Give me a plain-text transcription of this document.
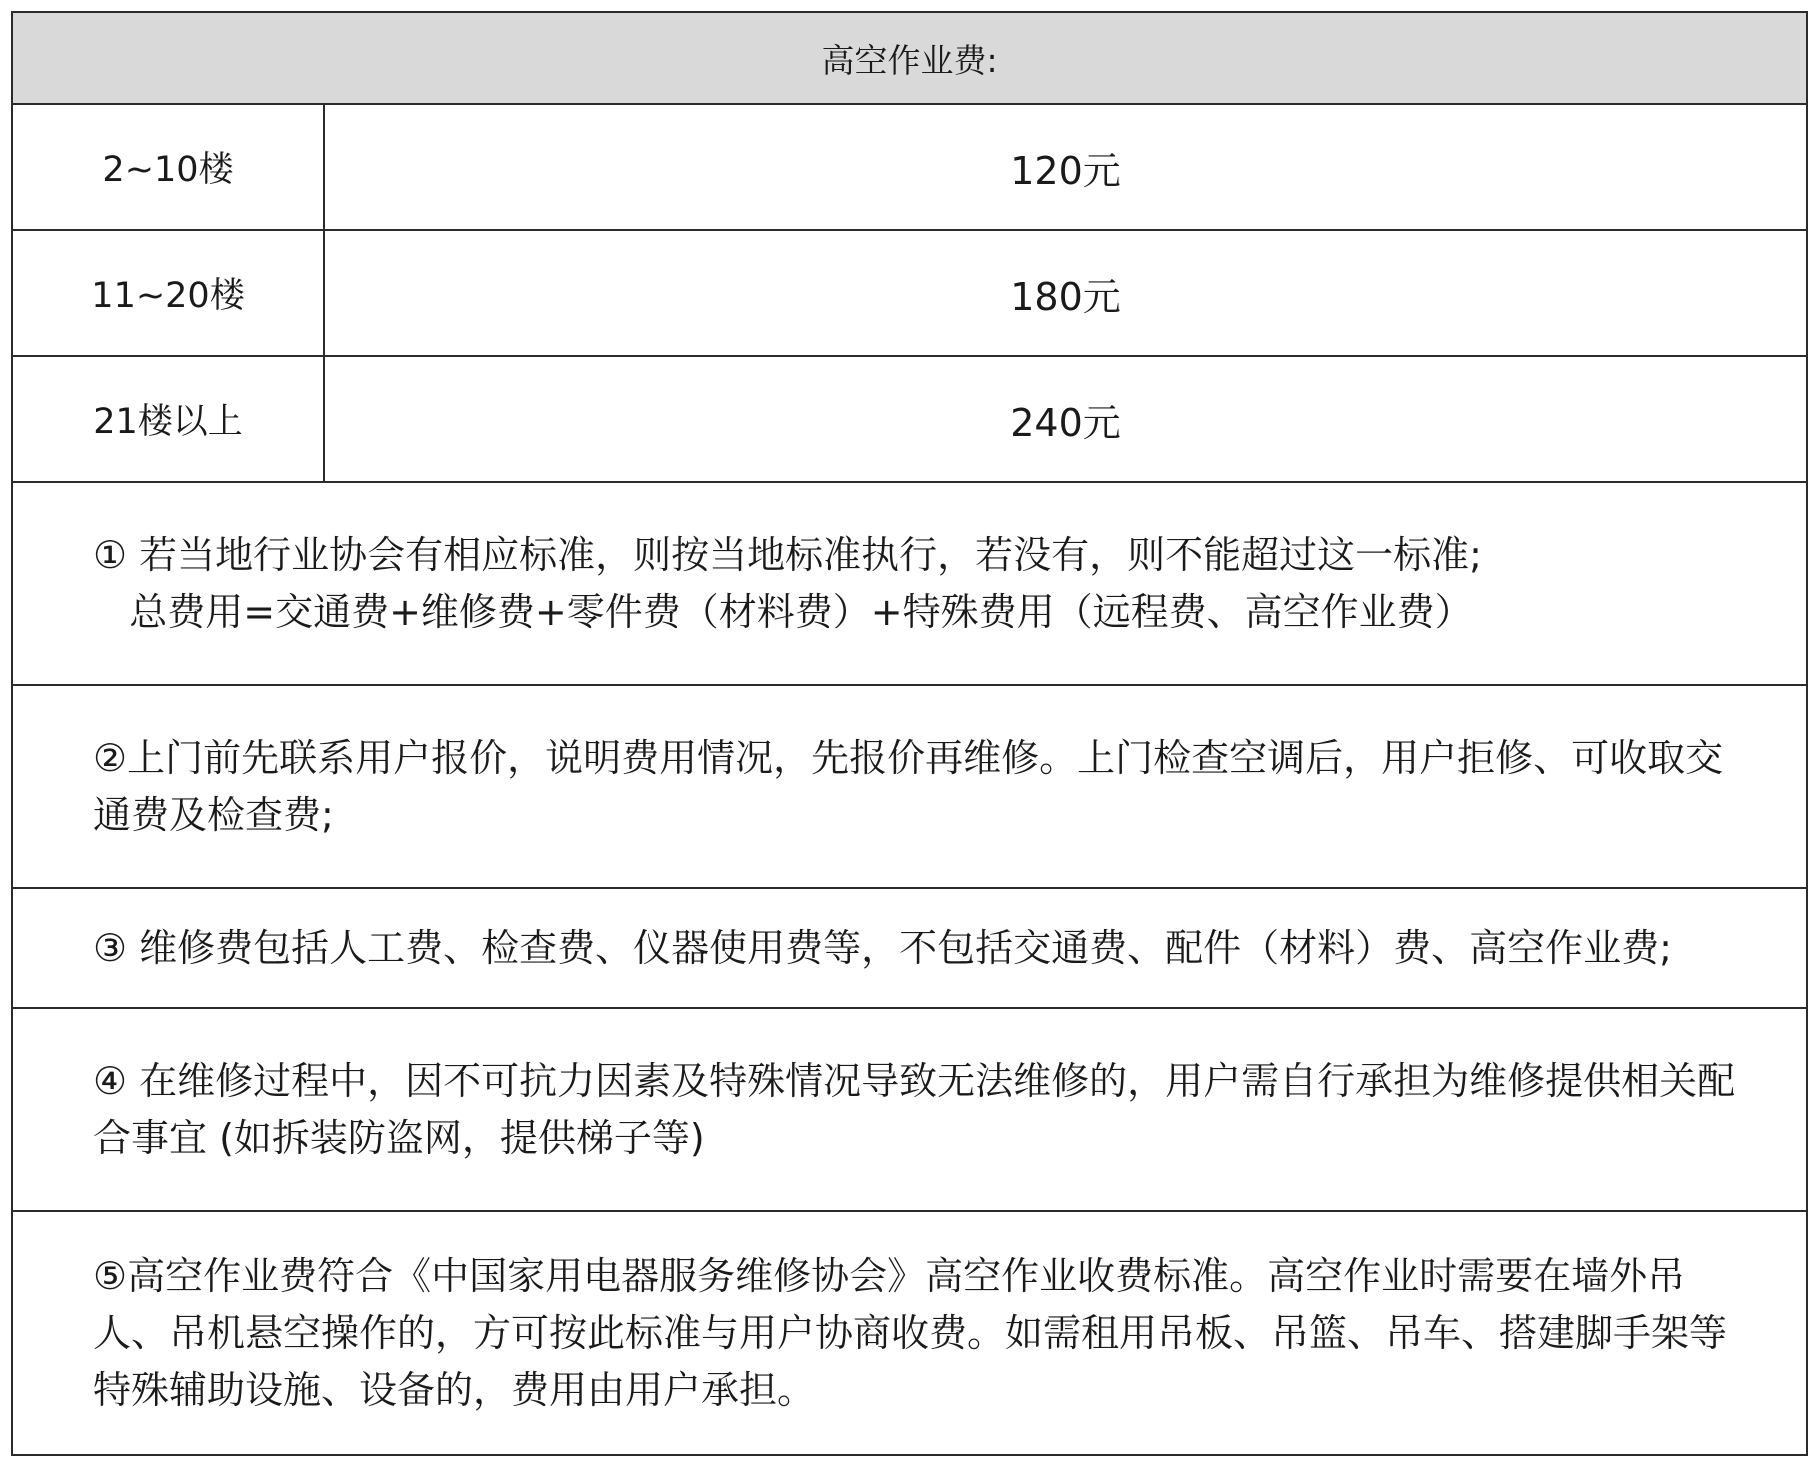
高空作业费:	
2~10楼	120元
11~20楼	180元
21楼以上	240元
① 若当地行业协会有相应标准，则按当地标准执行，若没有，则不能超过这一标准;
总费用=交通费+维修费+零件费（材料费）+特殊费用（远程费、高空作业费）	
②上门前先联系用户报价，说明费用情况，先报价再维修。上门检查空调后，用户拒修、可收取交通费及检查费;	
③ 维修费包括人工费、检查费、仪器使用费等，不包括交通费、配件（材料）费、高空作业费;	
④ 在维修过程中，因不可抗力因素及特殊情况导致无法维修的，用户需自行承担为维修提供相关配合事宜 (如拆装防盗网，提供梯子等)	
⑤高空作业费符合《中国家用电器服务维修协会》高空作业收费标准。高空作业时需要在墙外吊人、吊机悬空操作的，方可按此标准与用户协商收费。如需租用吊板、吊篮、吊车、搭建脚手架等特殊辅助设施、设备的，费用由用户承担。	
